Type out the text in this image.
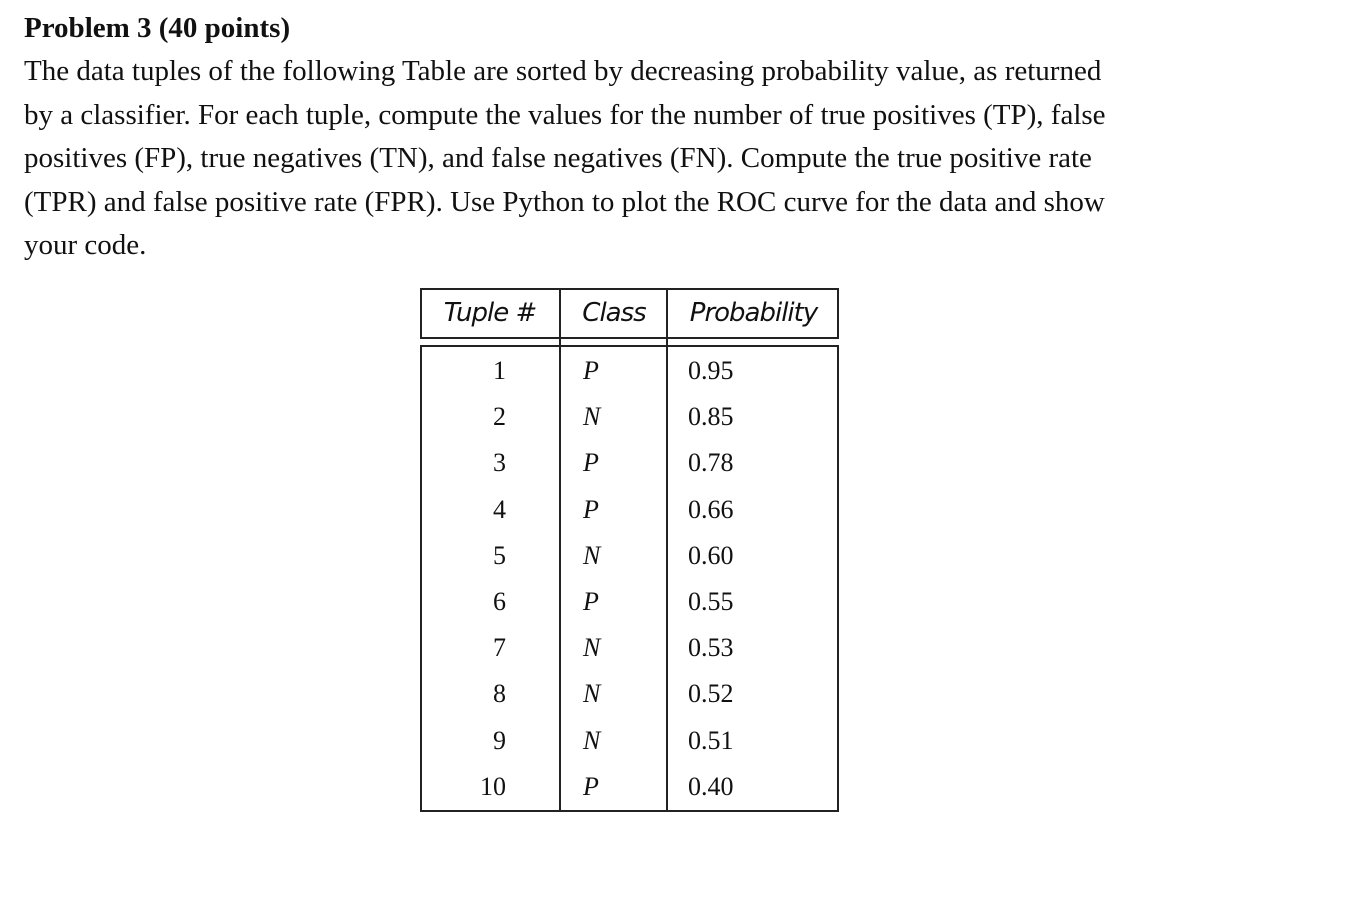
Problem 3 (40 points)
The data tuples of the following Table are sorted by decreasing probability value, as returned
by a classifier. For each tuple, compute the values for the number of true positives (TP), false
positives (FP), true negatives (TN), and false negatives (FN). Compute the true positive rate
(TPR) and false positive rate (FPR). Use Python to plot the ROC curve for the data and show
your code.
Tuple #	Class	Probability
1	P	0.95
2	N	0.85
3	P	0.78
4	P	0.66
5	N	0.60
6	P	0.55
7	N	0.53
8	N	0.52
9	N	0.51
10	P	0.40
